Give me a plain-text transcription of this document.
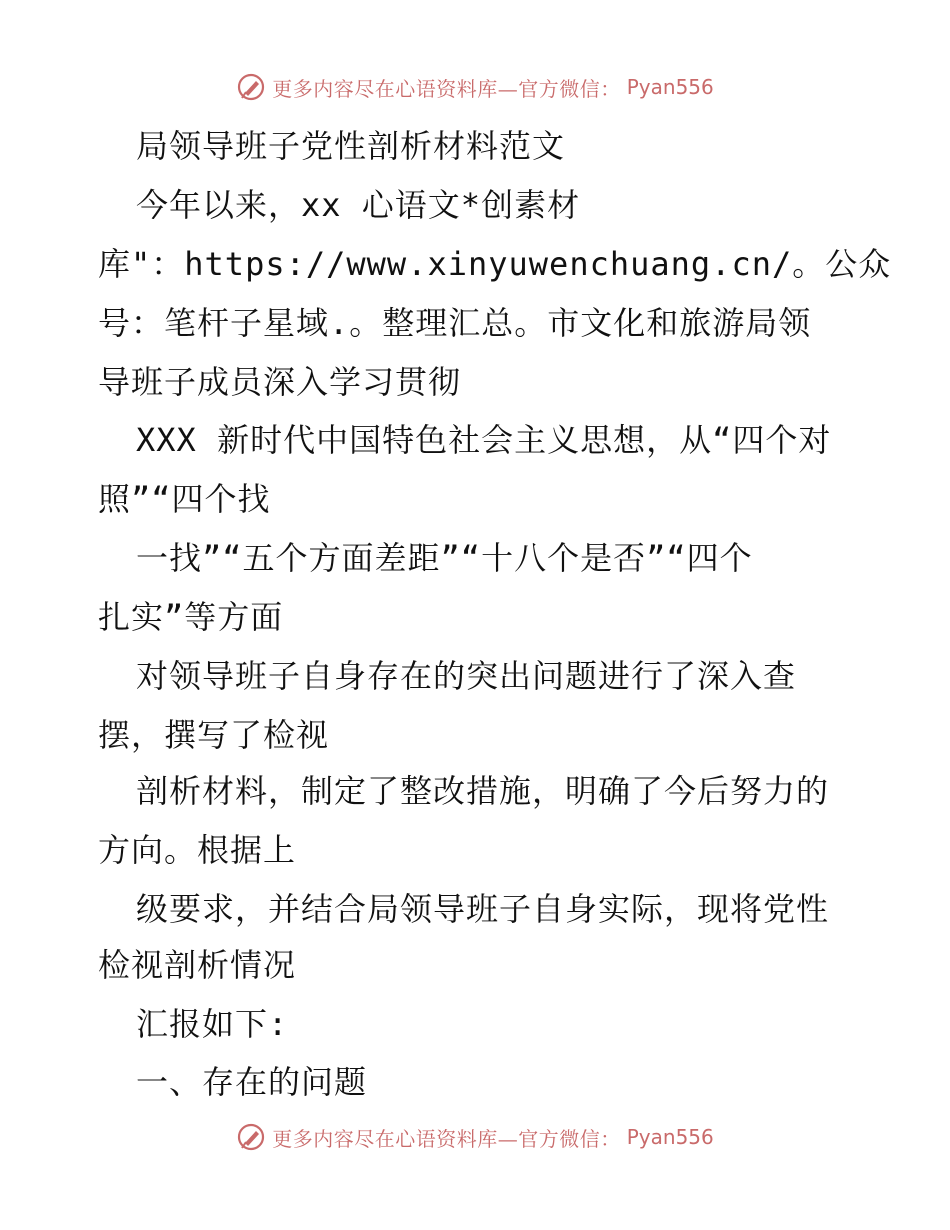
更多内容尽在心语资料库—官方微信： Pyan556
局领导班子党性剖析材料范文
今年以来，xx 心语文*创素材
库"：https://www.xinyuwenchuang.cn/。公众
号：笔杆子星域.。整理汇总。市文化和旅游局领
导班子成员深入学习贯彻
XXX 新时代中国特色社会主义思想，从“四个对
照”“四个找
一找”“五个方面差距”“十八个是否”“四个
扎实”等方面
对领导班子自身存在的突出问题进行了深入查
摆，撰写了检视
剖析材料，制定了整改措施，明确了今后努力的
方向。根据上
级要求，并结合局领导班子自身实际，现将党性
检视剖析情况
汇报如下:
一、存在的问题
更多内容尽在心语资料库—官方微信： Pyan556
